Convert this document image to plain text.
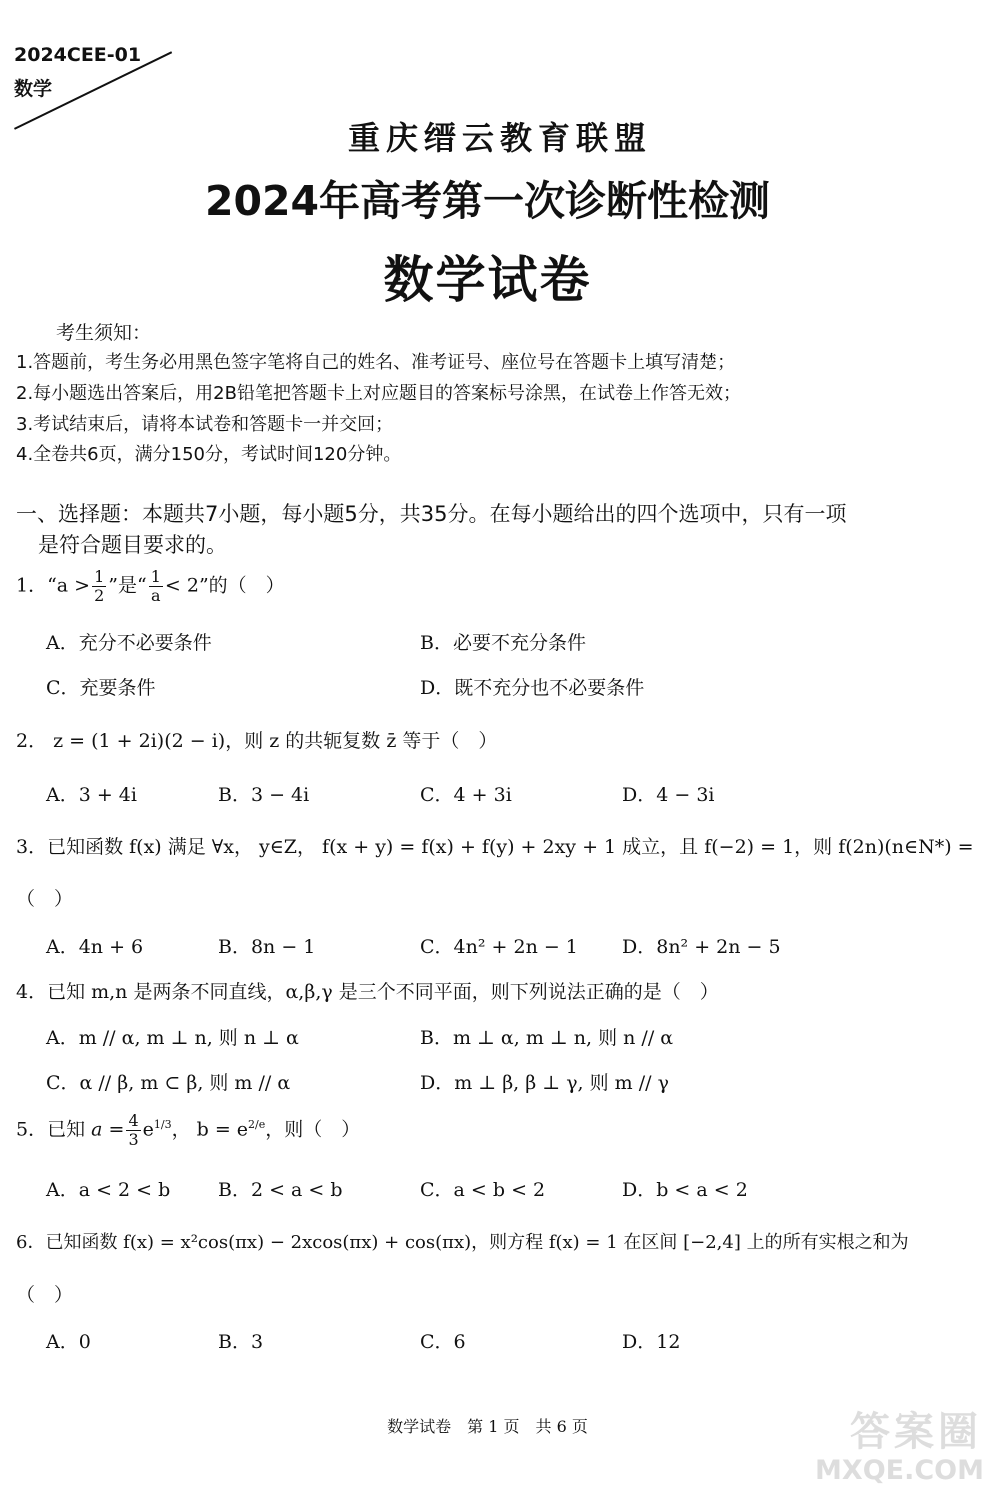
2024CEE-01
数学
重庆缙云教育联盟
2024年高考第一次诊断性检测
数学试卷
考生须知：
1.答题前，考生务必用黑色签字笔将自己的姓名、准考证号、座位号在答题卡上填写清楚；
2.每小题选出答案后，用2B铅笔把答题卡上对应题目的答案标号涂黑，在试卷上作答无效；
3.考试结束后，请将本试卷和答题卡一并交回；
4.全卷共6页，满分150分，考试时间120分钟。
一、选择题：本题共7小题，每小题5分，共35分。在每小题给出的四个选项中，只有一项
是符合题目要求的。
1．“$a > \frac{1}{2}$ ”是“ $\frac{1}{a} < 2$”的（　）
A．充分不必要条件	B．必要不充分条件
C．充要条件	D．既不充分也不必要条件
2． z = (1 + 2i)(2 − i)，则 z 的共轭复数 z̄ 等于（　）
A．3 + 4i	B．3 − 4i	C．4 + 3i	D．4 − 3i
3．已知函数 f(x) 满足 ∀x， y∈Z， f(x + y) = f(x) + f(y) + 2xy + 1 成立，且 f(−2) = 1，则 f(2n)(n∈N*) =
（　）
A．4n + 6	B．8n − 1	C．4n² + 2n − 1 D．8n² + 2n − 5
4．已知 m,n 是两条不同直线，α,β,γ 是三个不同平面，则下列说法正确的是（　）
A．m // α, m ⊥ n, 则 n ⊥ α	B．m ⊥ α, m ⊥ n, 则 n // α
C．α // β, m ⊂ β, 则 m // α	D．m ⊥ β, β ⊥ γ, 则 m // γ
5．已知 $a = \frac{4}{3} e^{1/3}$， $b = e^{2/e}$，则（　）
A．a < 2 < b	B．2 < a < b	C．a < b < 2	D．b < a < 2
6．已知函数 f(x) = x²cos(πx) − 2xcos(πx) + cos(πx)，则方程 f(x) = 1 在区间 [−2,4] 上的所有实根之和为
（　）
A．0	B．3	C．6	D．12
数学试卷　第 1 页　共 6 页	答案圈
MXQE.COM
